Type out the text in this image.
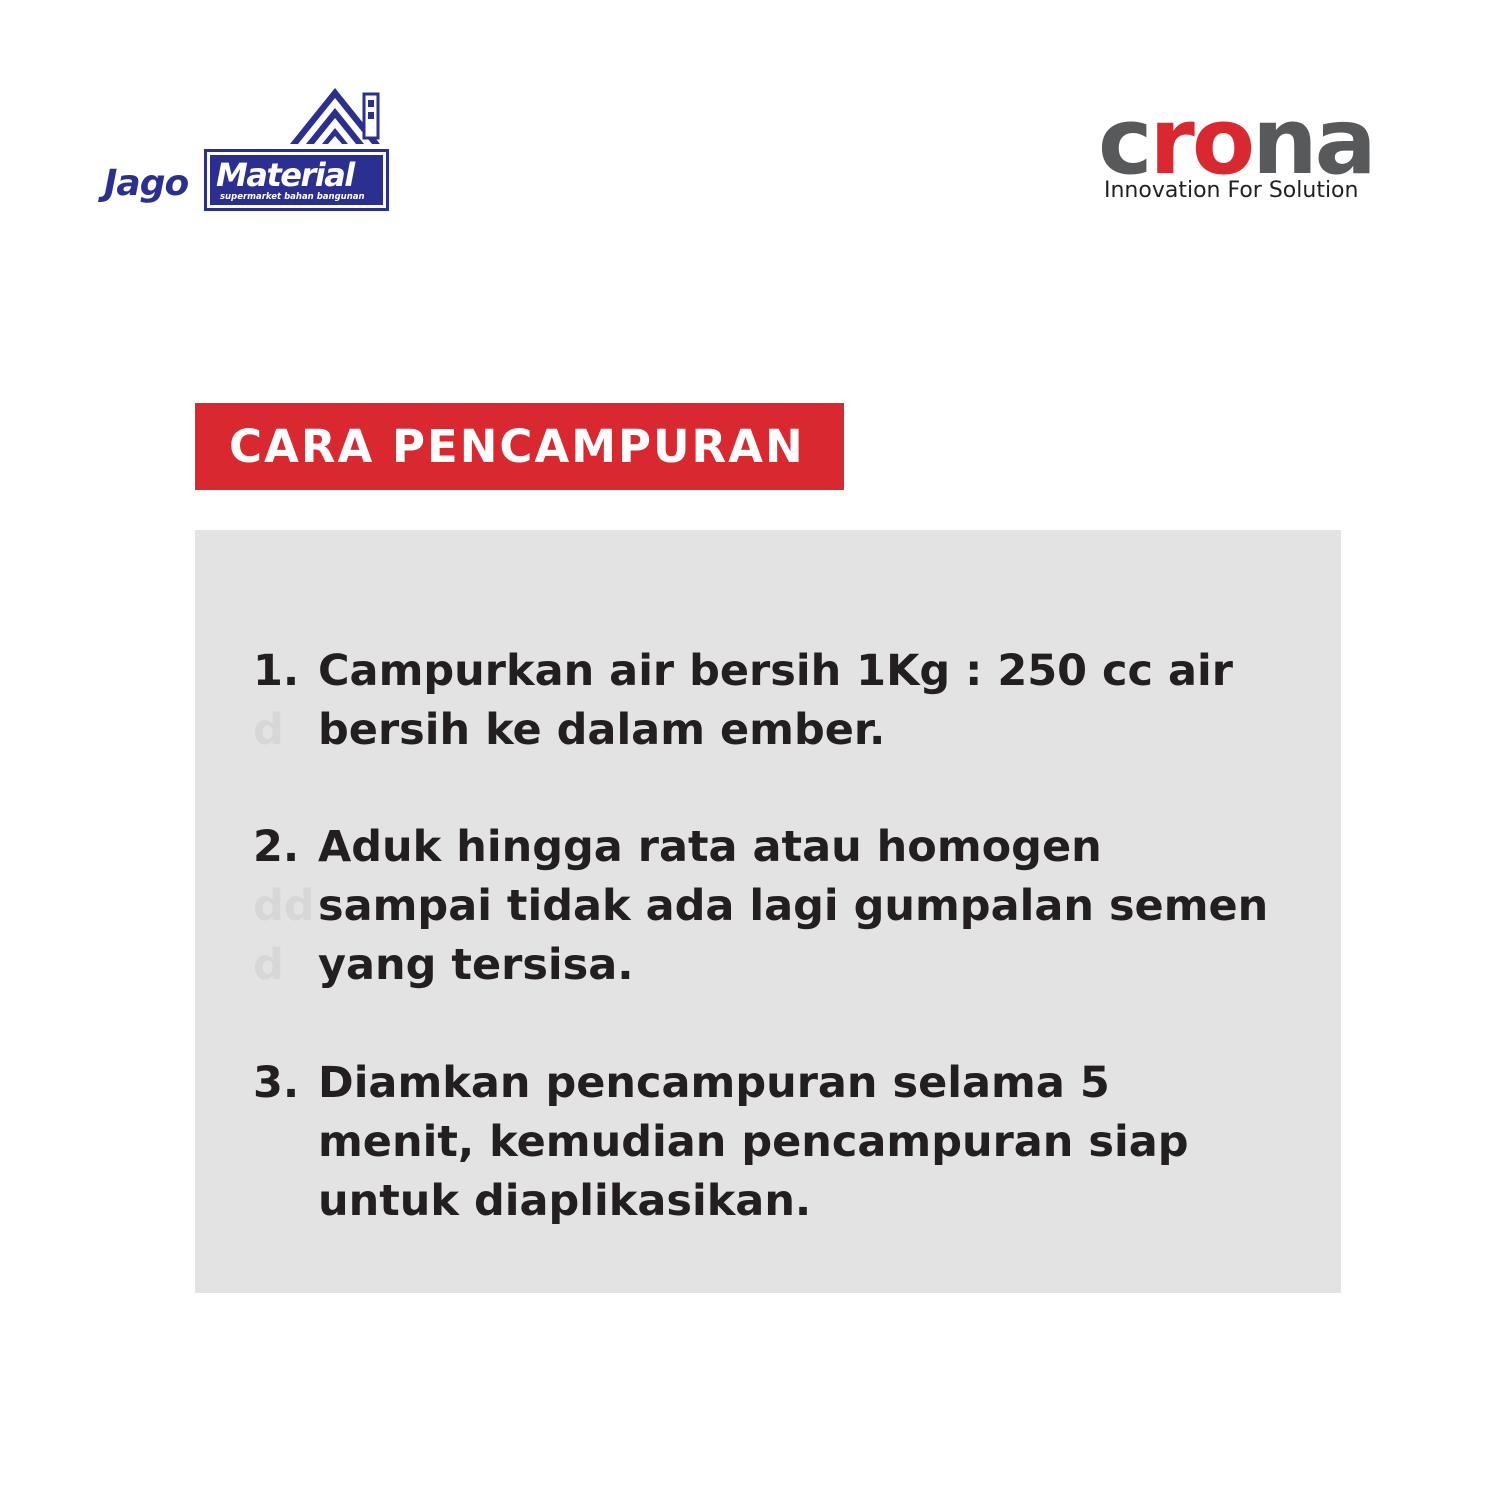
Jago Material
supermarket bahan bangunan
crona
Innovation For Solution
CARA PENCAMPURAN
1.
d
Campurkan air bersih 1Kg : 250 cc air
bersih ke dalam ember.
2.
dd
d
Aduk hingga rata atau homogen
sampai tidak ada lagi gumpalan semen
yang tersisa.
3. Diamkan pencampuran selama 5
menit, kemudian pencampuran siap
untuk diaplikasikan.
